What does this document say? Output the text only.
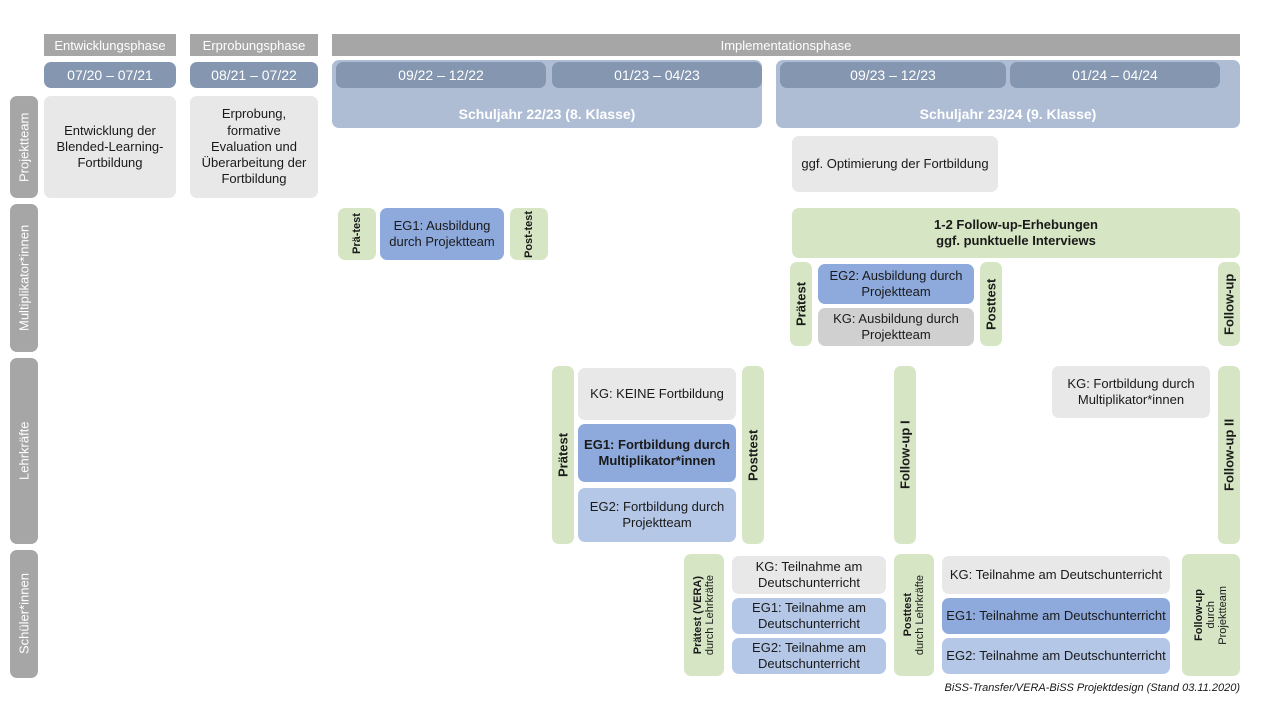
Entwicklungsphase	Erprobungsphase	Implementationsphase
Schuljahr 22/23 (8. Klasse)	Schuljahr 23/24 (9. Klasse)
07/20 – 07/21	08/21 – 07/22	09/22 – 12/22	01/23 – 04/23	09/23 – 12/23	01/24 – 04/24
Projektteam
Multiplikator*innen
Lehrkräfte
Schüler*innen
Entwicklung der Blended-Learning-Fortbildung
Erprobung, formative Evaluation und Überarbeitung der Fortbildung
ggf. Optimierung der Fortbildung
Prä-test	EG1: Ausbildung durch Projektteam	Post-test	1-2 Follow-up-Erhebungen
ggf. punktuelle Interviews
Prätest
EG2: Ausbildung durch Projektteam
KG: Ausbildung durch Projektteam
Posttest	Follow-up
Prätest
KG: KEINE Fortbildung
EG1: Fortbildung durch Multiplikator*innen
EG2: Fortbildung durch Projektteam
Posttest	Follow-up I
KG: Fortbildung durch Multiplikator*innen
Follow-up II
Prätest (VERA) durch Lehrkräfte
KG: Teilnahme am Deutschunterricht
EG1: Teilnahme am Deutschunterricht
EG2: Teilnahme am Deutschunterricht
Posttest durch Lehrkräfte
KG: Teilnahme am Deutschunterricht
EG1: Teilnahme am Deutschunterricht
EG2: Teilnahme am Deutschunterricht
Follow-up durch Projektteam
BiSS-Transfer/VERA-BiSS Projektdesign (Stand 03.11.2020)
